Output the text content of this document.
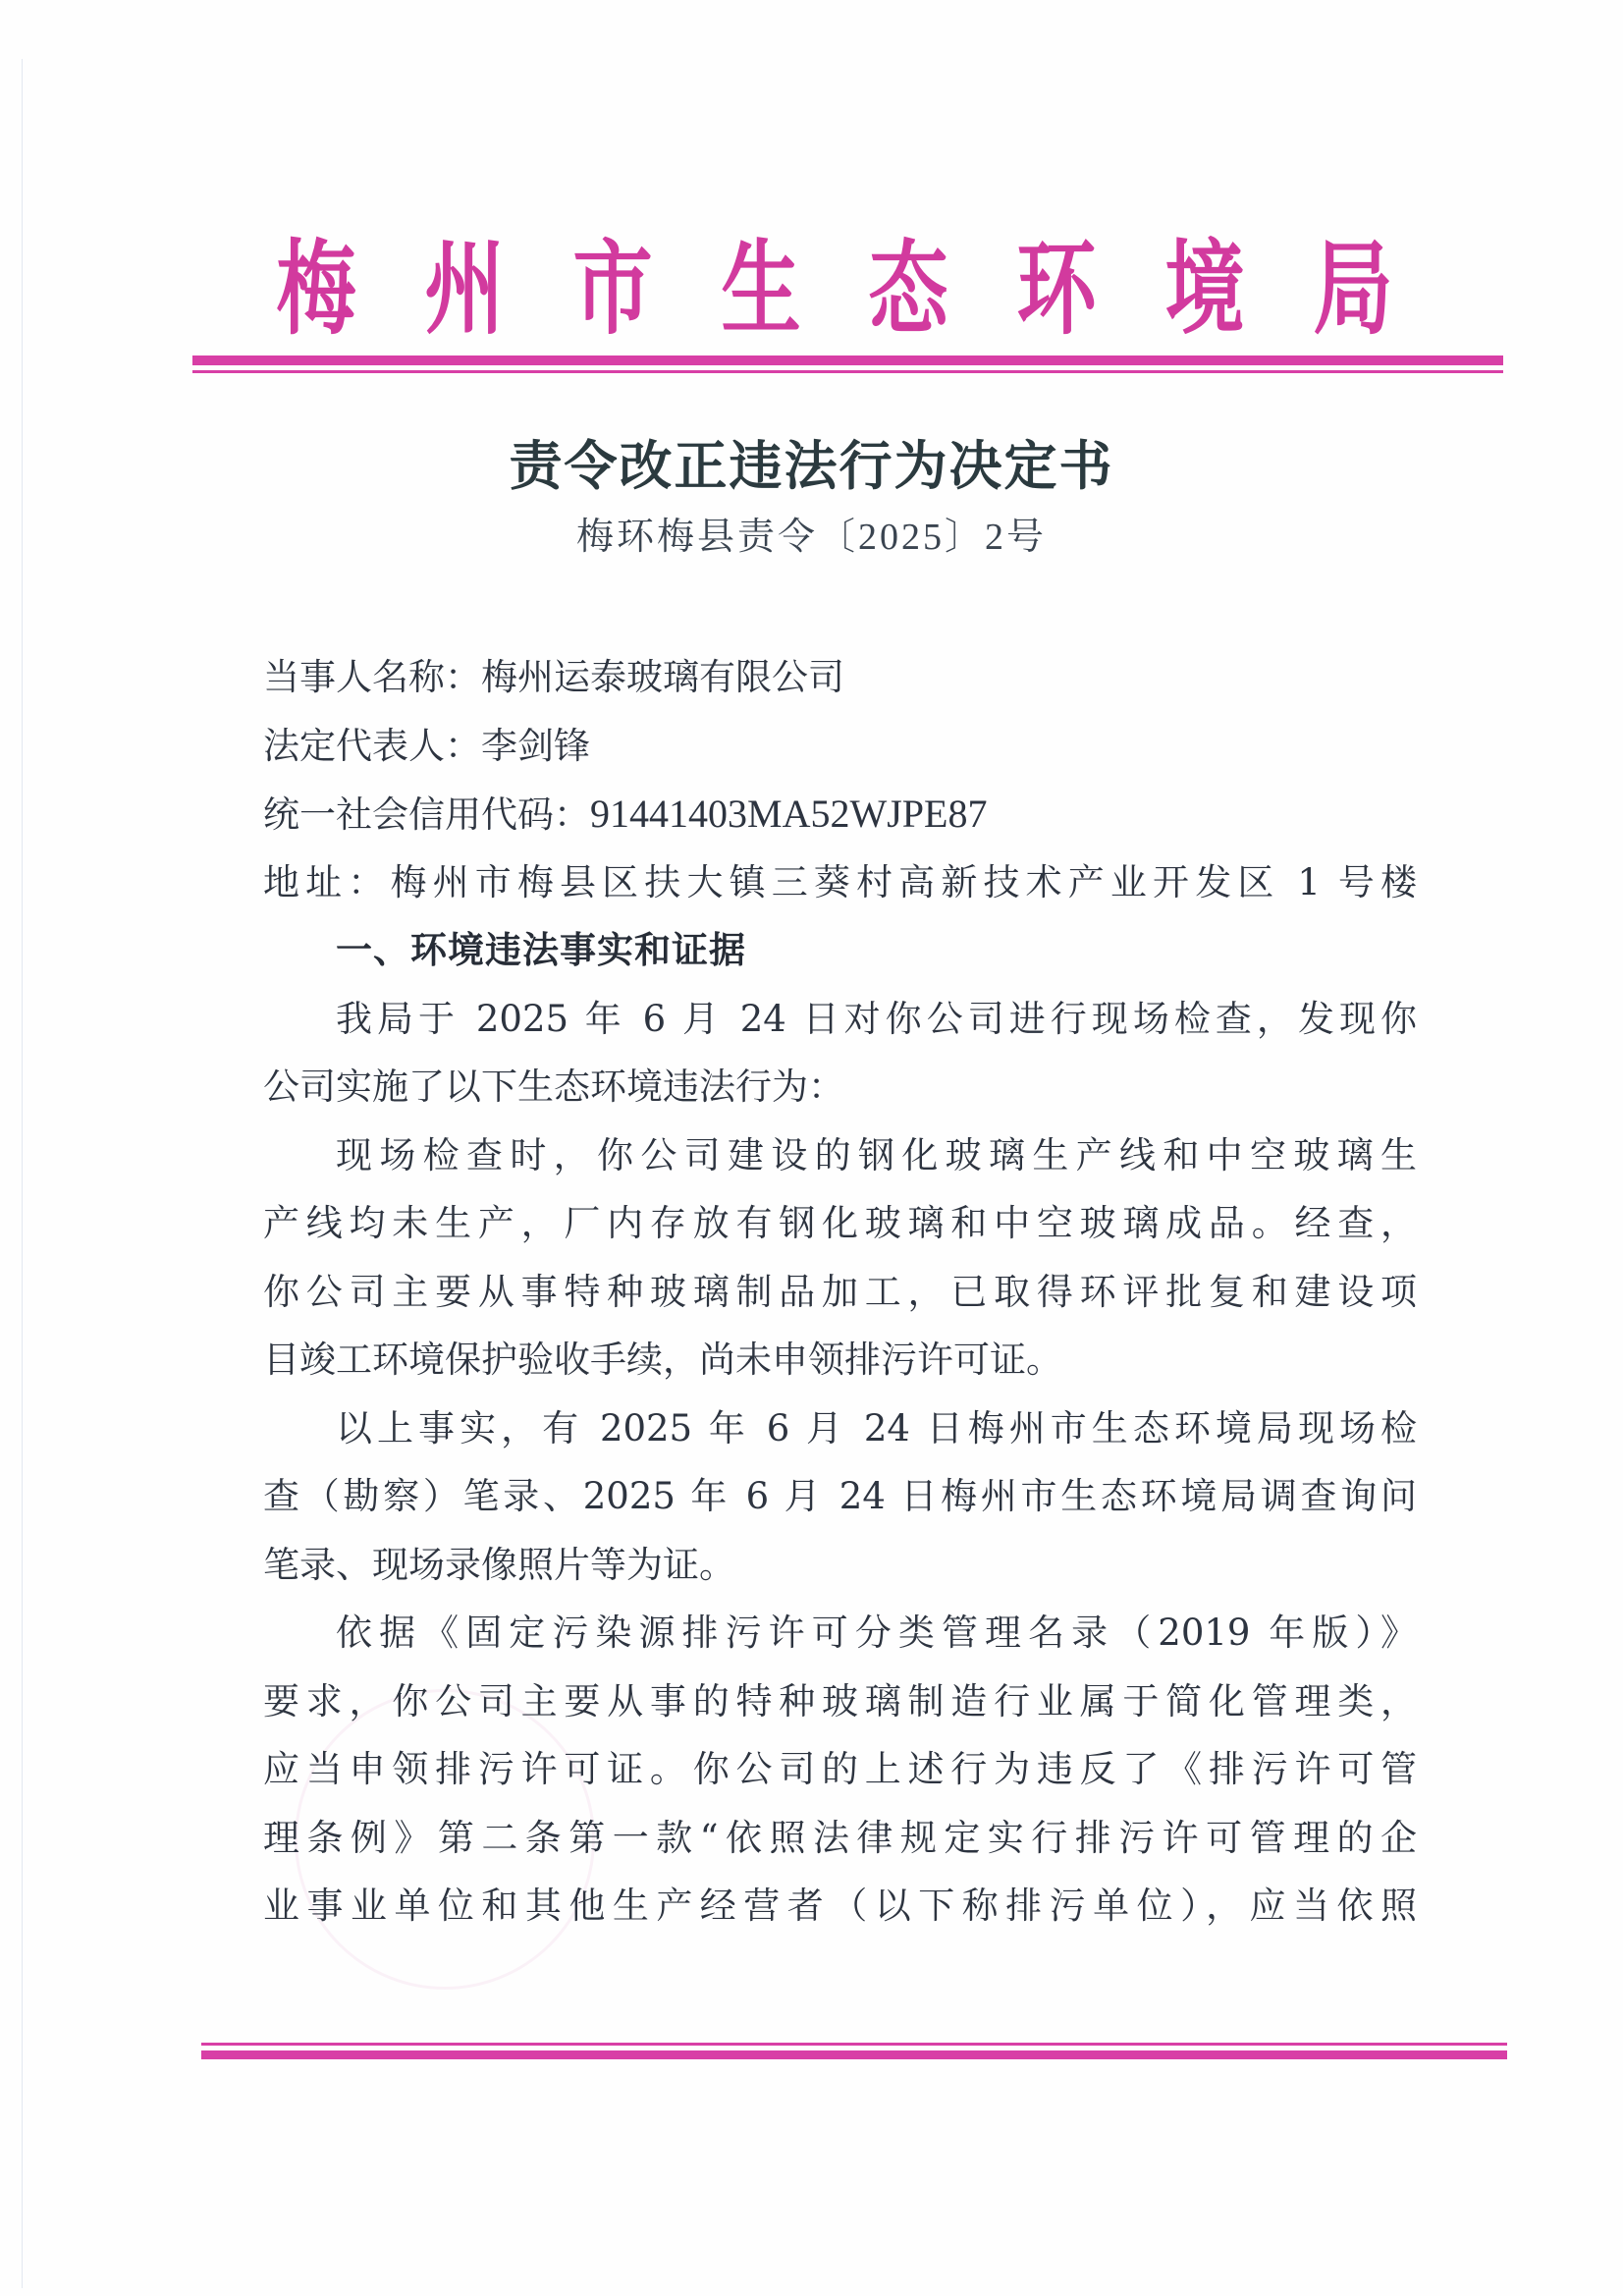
梅 州 市 生 态 环 境 局
责令改正违法行为决定书
梅环梅县责令〔2025〕2号
当事人名称：梅州运泰玻璃有限公司
法定代表人：李剑锋
统一社会信用代码：91441403MA52WJPE87
地址：梅州市梅县区扶大镇三葵村高新技术产业开发区 1 号楼
一、环境违法事实和证据
我局于 2025 年 6 月 24 日对你公司进行现场检查，发现你
公司实施了以下生态环境违法行为：
现场检查时，你公司建设的钢化玻璃生产线和中空玻璃生
产线均未生产，厂内存放有钢化玻璃和中空玻璃成品。经查，
你公司主要从事特种玻璃制品加工，已取得环评批复和建设项
目竣工环境保护验收手续，尚未申领排污许可证。
以上事实，有 2025 年 6 月 24 日梅州市生态环境局现场检
查（勘察）笔录、2025 年 6 月 24 日梅州市生态环境局调查询问
笔录、现场录像照片等为证。
依据《固定污染源排污许可分类管理名录（2019 年版）》
要求，你公司主要从事的特种玻璃制造行业属于简化管理类，
应当申领排污许可证。你公司的上述行为违反了《排污许可管
理条例》第二条第一款“依照法律规定实行排污许可管理的企
业事业单位和其他生产经营者（以下称排污单位），应当依照
